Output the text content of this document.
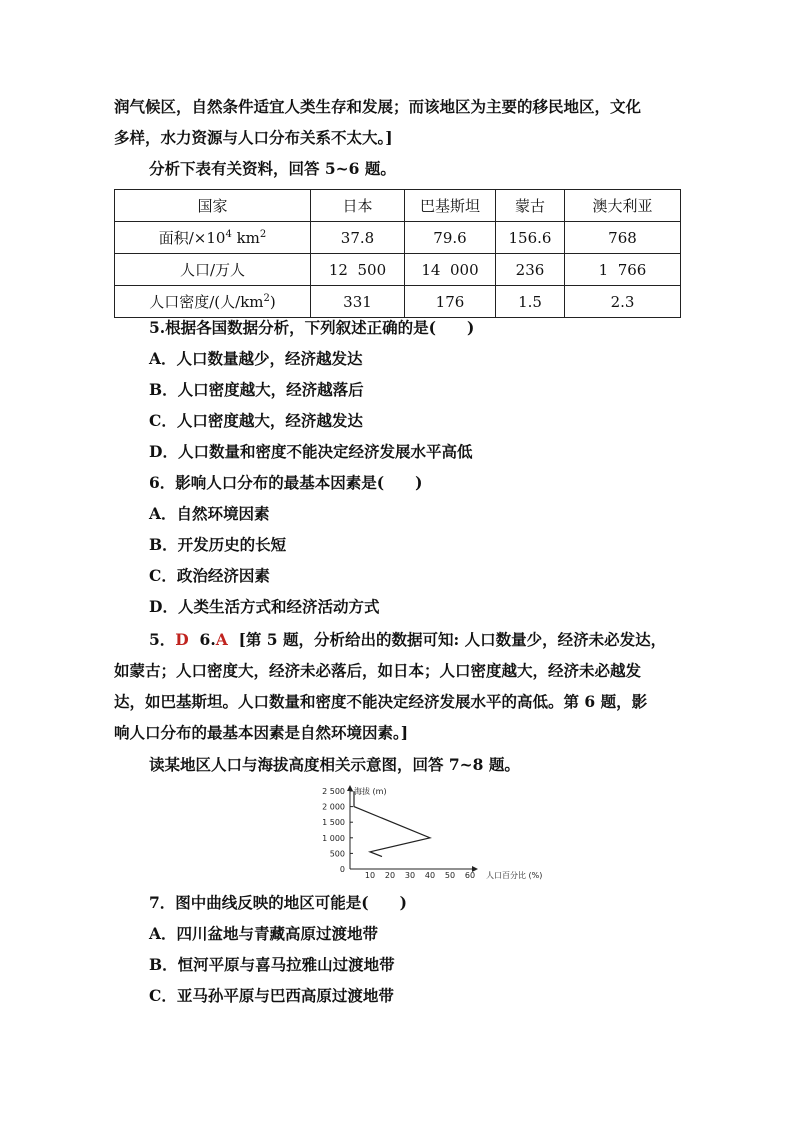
润气候区，自然条件适宜人类生存和发展；而该地区为主要的移民地区，文化
多样，水力资源与人口分布关系不太大。]
分析下表有关资料，回答 5~6 题。
国家	日本	巴基斯坦	蒙古	澳大利亚
面积$/\times 10^4$ $km^2$	37.8	79.6	156.6	768
人口/万人	12  500	14  000	236	1  766
人口密度/(人$/km^2$)	331	176	1.5	2.3
5.根据各国数据分析，下列叙述正确的是(　　)
A．人口数量越少，经济越发达
B．人口密度越大，经济越落后
C．人口密度越大，经济越发达
D．人口数量和密度不能决定经济发展水平高低
6．影响人口分布的最基本因素是(　　)
A．自然环境因素
B．开发历史的长短
C．政治经济因素
D．人类生活方式和经济活动方式
5．D 6.A [第 5 题，分析给出的数据可知: 人口数量少，经济未必发达，
如蒙古；人口密度大，经济未必落后，如日本；人口密度越大，经济未必越发
达，如巴基斯坦。人口数量和密度不能决定经济发展水平的高低。第 6 题，影
响人口分布的最基本因素是自然环境因素。]
读某地区人口与海拔高度相关示意图，回答 7~8 题。
0
500
1 000
1 500
2 000
2 500
10 20 30 40 50 60
海拔 (m)
人口百分比 (%)
7．图中曲线反映的地区可能是(　　)
A．四川盆地与青藏高原过渡地带
B．恒河平原与喜马拉雅山过渡地带
C．亚马孙平原与巴西高原过渡地带
